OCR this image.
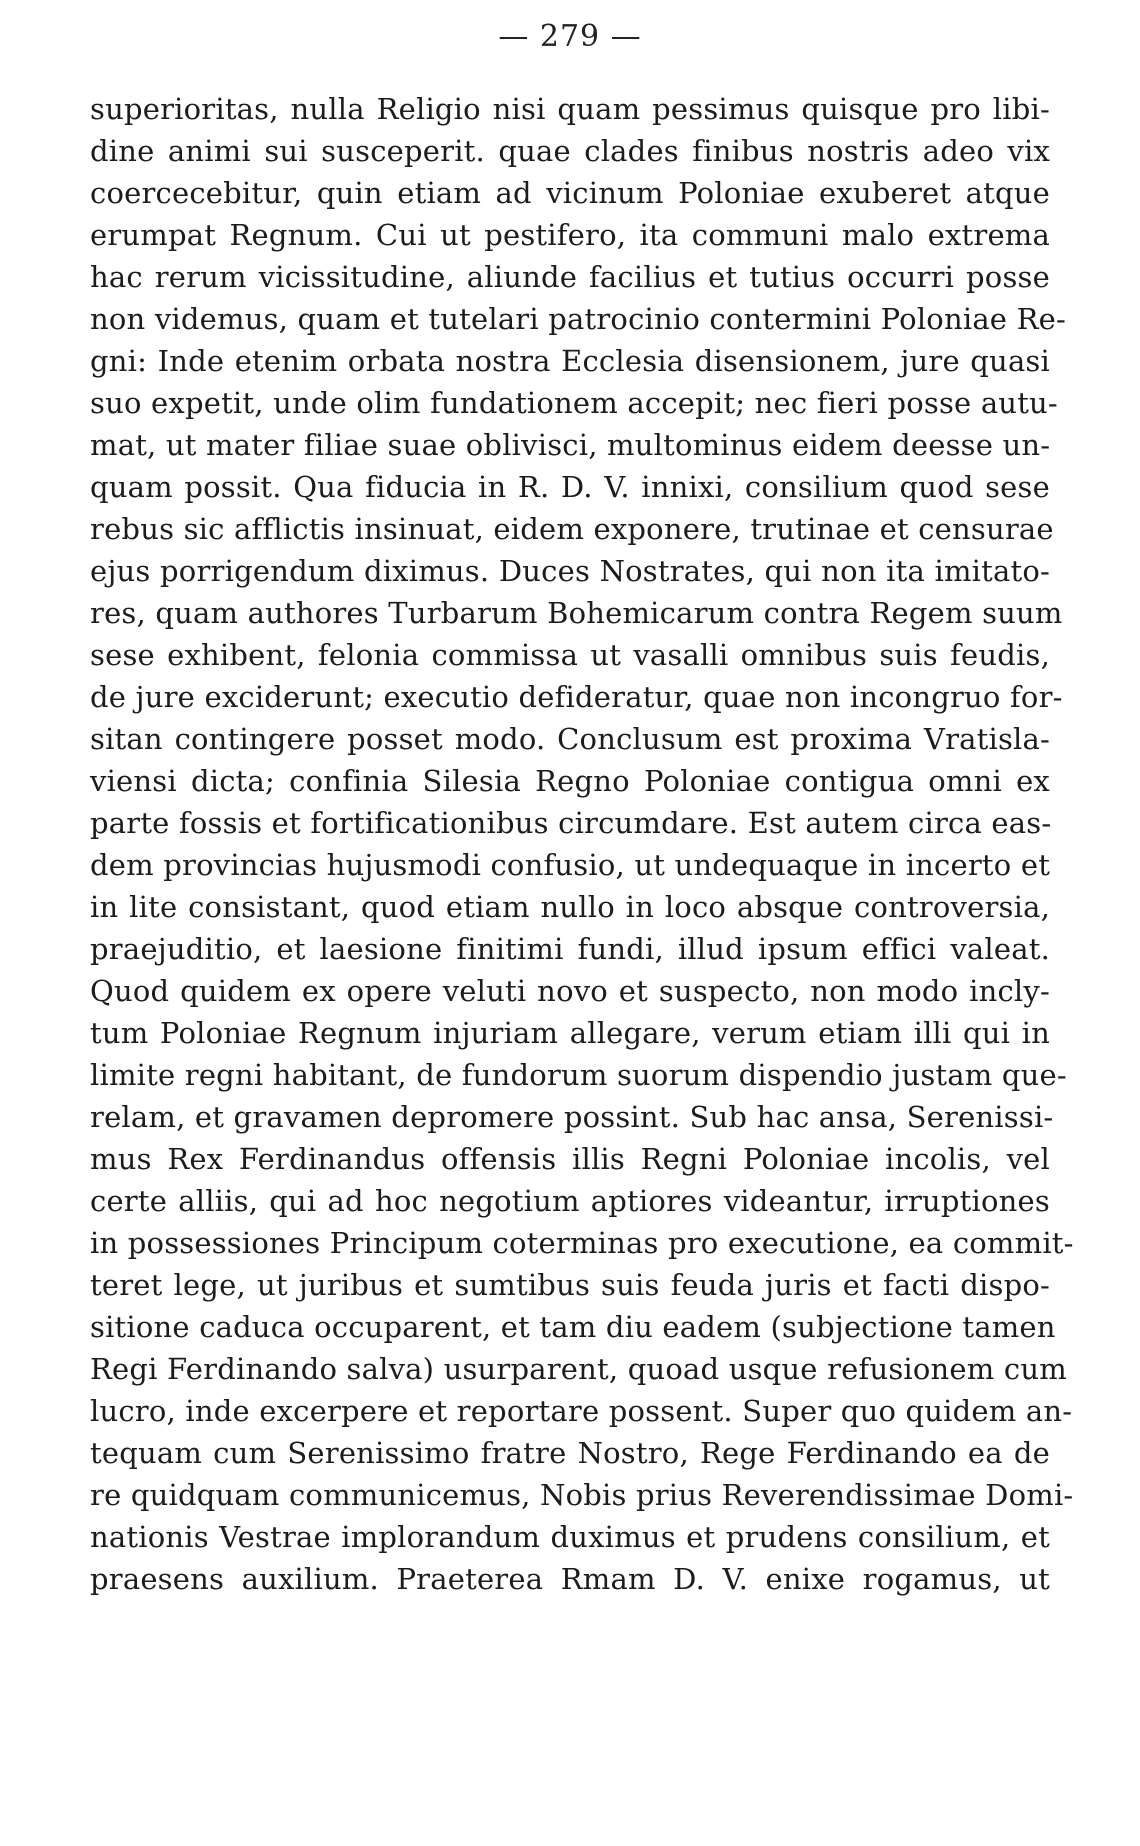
— 279 —
superioritas, nulla Religio nisi quam pessimus quisque pro libi-
dine animi sui susceperit. quae clades finibus nostris adeo vix
coercecebitur, quin etiam ad vicinum Poloniae exuberet atque
erumpat Regnum. Cui ut pestifero, ita communi malo extrema
hac rerum vicissitudine, aliunde facilius et tutius occurri posse
non videmus, quam et tutelari patrocinio contermini Poloniae Re-
gni: Inde etenim orbata nostra Ecclesia disensionem, jure quasi
suo expetit, unde olim fundationem accepit; nec fieri posse autu-
mat, ut mater filiae suae oblivisci, multominus eidem deesse un-
quam possit. Qua fiducia in R. D. V. innixi, consilium quod sese
rebus sic afflictis insinuat, eidem exponere, trutinae et censurae
ejus porrigendum diximus. Duces Nostrates, qui non ita imitato-
res, quam authores Turbarum Bohemicarum contra Regem suum
sese exhibent, felonia commissa ut vasalli omnibus suis feudis,
de jure exciderunt; executio defideratur, quae non incongruo for-
sitan contingere posset modo. Conclusum est proxima Vratisla-
viensi dicta; confinia Silesia Regno Poloniae contigua omni ex
parte fossis et fortificationibus circumdare. Est autem circa eas-
dem provincias hujusmodi confusio, ut undequaque in incerto et
in lite consistant, quod etiam nullo in loco absque controversia,
praejuditio, et laesione finitimi fundi, illud ipsum effici valeat.
Quod quidem ex opere veluti novo et suspecto, non modo incly-
tum Poloniae Regnum injuriam allegare, verum etiam illi qui in
limite regni habitant, de fundorum suorum dispendio justam que-
relam, et gravamen depromere possint. Sub hac ansa, Serenissi-
mus Rex Ferdinandus offensis illis Regni Poloniae incolis, vel
certe alliis, qui ad hoc negotium aptiores videantur, irruptiones
in possessiones Principum coterminas pro executione, ea commit-
teret lege, ut juribus et sumtibus suis feuda juris et facti dispo-
sitione caduca occuparent, et tam diu eadem (subjectione tamen
Regi Ferdinando salva) usurparent, quoad usque refusionem cum
lucro, inde excerpere et reportare possent. Super quo quidem an-
tequam cum Serenissimo fratre Nostro, Rege Ferdinando ea de
re quidquam communicemus, Nobis prius Reverendissimae Domi-
nationis Vestrae implorandum duximus et prudens consilium, et
praesens auxilium. Praeterea Rmam D. V. enixe rogamus, ut
